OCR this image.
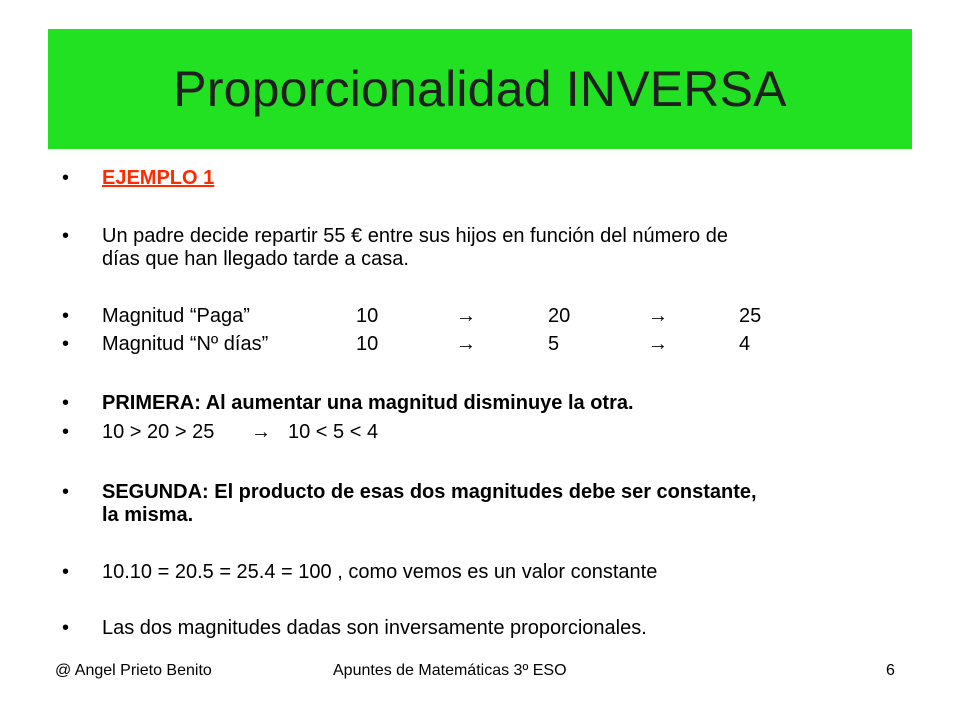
Proporcionalidad INVERSA
• EJEMPLO 1
• Un padre decide repartir 55 € entre sus hijos en función del número de
días que han llegado tarde a casa.
• Magnitud “Paga”	10	→	20	→	25
• Magnitud “Nº días”	10	→	5	→	4
• PRIMERA: Al aumentar una magnitud disminuye la otra.
• 10 > 20 > 25 → 10 < 5 < 4
• SEGUNDA: El producto de esas dos magnitudes debe ser constante,
la misma.
• 10.10 = 20.5 = 25.4 = 100 , como vemos es un valor constante
• Las dos magnitudes dadas son inversamente proporcionales.
@ Angel Prieto Benito	Apuntes de Matemáticas 3º ESO	6
